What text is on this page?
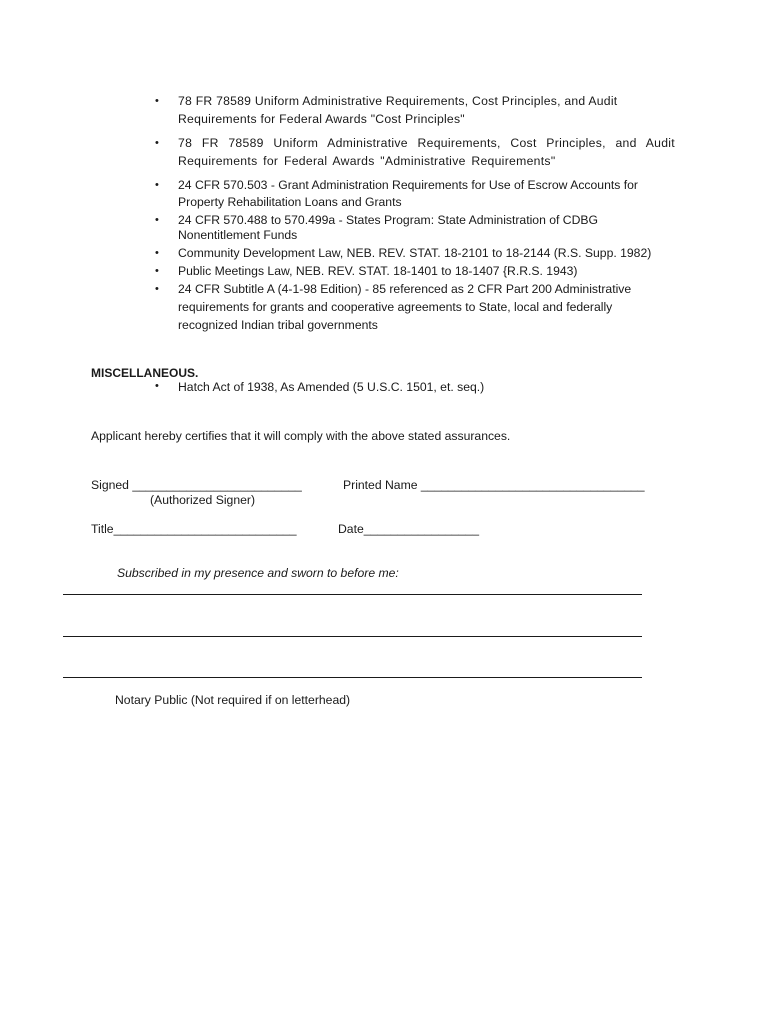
• 78 FR 78589 Uniform Administrative Requirements, Cost Principles, and Audit Requirements for Federal Awards "Cost Principles"
• 78 FR 78589 Uniform Administrative Requirements, Cost Principles, and Audit Requirements for Federal Awards "Administrative Requirements"
• 24 CFR 570.503 - Grant Administration Requirements for Use of Escrow Accounts for Property Rehabilitation Loans and Grants
• 24 CFR 570.488 to 570.499a - States Program: State Administration of CDBG Nonentitlement Funds
• Community Development Law, NEB. REV. STAT. 18-2101 to 18-2144 (R.S. Supp. 1982)
• Public Meetings Law, NEB. REV. STAT. 18-1401 to 18-1407 {R.R.S. 1943)
• 24 CFR Subtitle A (4-1-98 Edition) - 85 referenced as 2 CFR Part 200 Administrative requirements for grants and cooperative agreements to State, local and federally recognized Indian tribal governments
MISCELLANEOUS.
• Hatch Act of 1938, As Amended (5 U.S.C. 1501, et. seq.)
Applicant hereby certifies that it will comply with the above stated assurances.
Signed _________________________
(Authorized Signer)
Printed Name _________________________________
Title___________________________	Date_________________
Subscribed in my presence and sworn to before me:
Notary Public (Not required if on letterhead)
